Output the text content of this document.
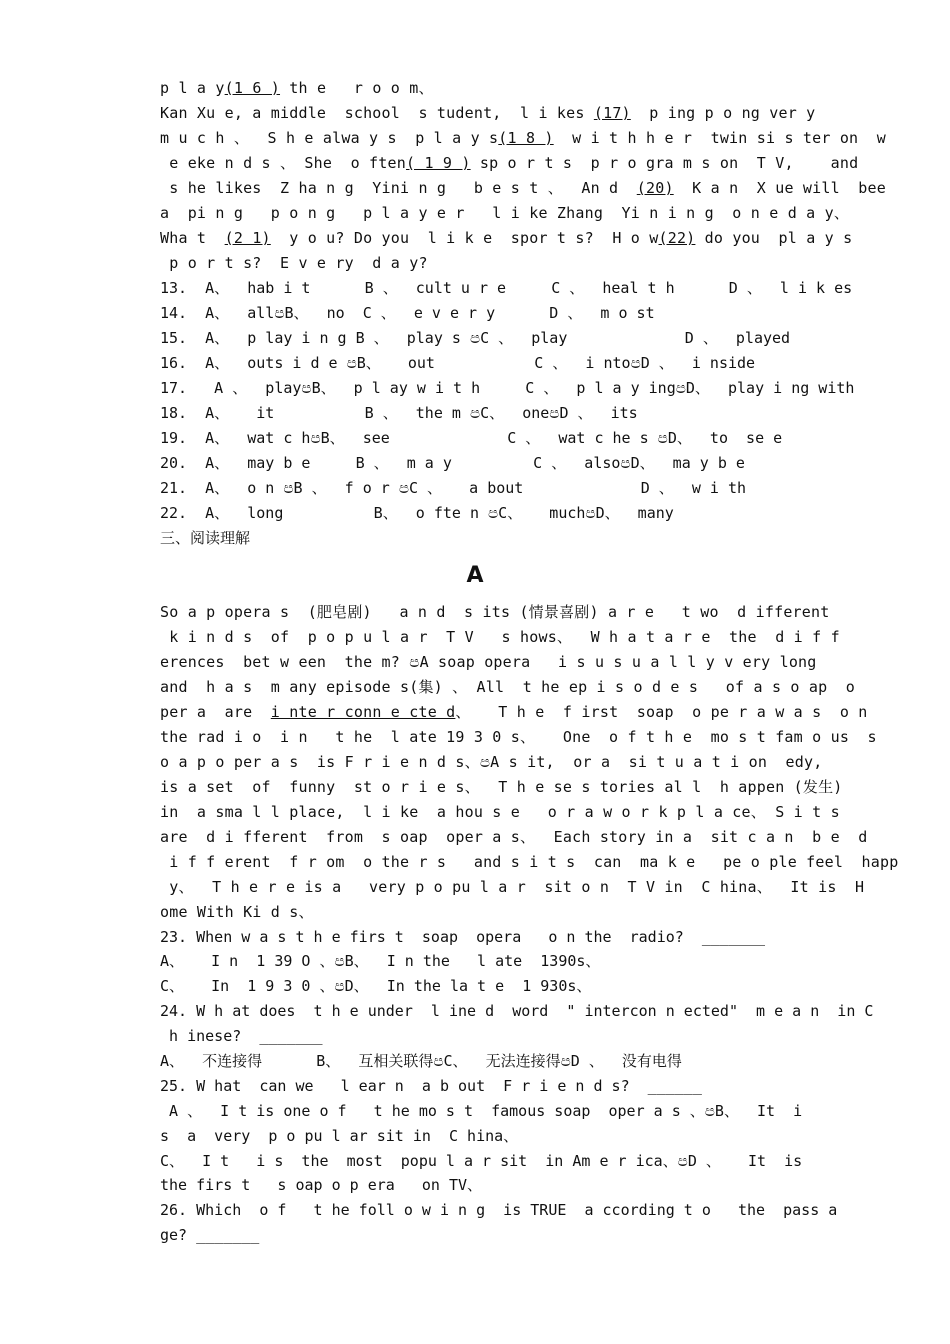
p l a y(1 6 ) th e   r o o m、
Kan Xu e, a middle  school  s tudent,  l i kes (17)  p ing p o ng ver y
m u c h 、  S h e alwa y s  p l a y s(1 8 )  w i t h h e r  twin si s ter on  w
e eke n d s 、 She  o ften( 1 9 ) sp o r t s  p r o gra m s on  T V,    and
s he likes  Z ha n g  Yini n g   b e s t 、  An d  (20)  K a n  X ue will  bee
a  pi n g   p o n g   p l a y e r   l i ke Zhang  Yi n i n g  o n e d a y、
Wha t  (2 1)  y o u? Do you  l i k e  spor t s?  H o w(22) do you  pl a y s
p o r t s?  E v e ry  d a y?
13. A、  hab i t      B 、  cult u r e     C 、  heal t h      D 、  l i k es
14. A、  allපB、  no  C 、  e v e r y      D 、  m o st
15. A、  p lay i n g B 、  play s පC 、  play             D 、  played
16. A、  outs i d e පB、   out           C 、  i ntoපD 、  i nside
17.   A 、  playපB、  p l ay w i t h     C 、  p l a y ingපD、  play i ng with
18. A、   it          B 、  the m පC、  oneපD 、  its
19. A、  wat c hපB、  see             C 、  wat c he s පD、  to  se e
20. A、  may b e     B 、  m a y         C 、  alsoපD、  ma y b e
21. A、  o n පB 、  f o r පC 、   a bout             D 、  w i th
22. A、  long          B、  o fte n පC、   muchපD、  many
三、阅读理解
A
So a p opera s  (肥皂剧)   a n d  s its (情景喜剧) a r e   t wo  d ifferent
k i n d s  of  p o p u l a r  T V   s hows、  W h a t a r e  the  d i f f
erences  bet w een  the m? පA soap opera   i s u s u a l l y v ery long
and  h a s  m any episode s(集) 、 All  t he ep i s o d e s   of a s o ap  o
per a  are  i nte r conn e cte d、   T h e  f irst  soap  o pe r a w a s  o n
the rad i o  i n   t he  l ate 19 3 0 s、   One  o f t h e  mo s t fam o us  s
o a p o per a s  is F r i e n d s、පA s it,  or a  si t u a t i on  edy,
is a set  of  funny  st o r i e s、  T h e se s tories al l  h appen (发生)
in  a sma l l place,  l i ke  a hou s e   o r a w o r k p l a ce、 S i t s
are  d i fferent  from  s oap  oper a s、  Each story in a  sit c a n  b e  d
i f f erent  f r om  o the r s   and s i t s  can  ma k e   pe o ple feel  happ
y、  T h e r e is a   very p o pu l a r  sit o n  T V in  C hina、  It is  H
ome With Ki d s、
23. When w a s t h e firs t  soap  opera   o n the  radio?  _______
A、   I n  1 39 O 、පB、  I n the   l ate  1390s、
C、   In  1 9 3 0 、පD、  In the la t e  1 930s、
24. W h at does  t h e under  l ine d  word  " intercon n ected"  m e a n  in C
h inese?  _______
A、  不连接得      B、  互相关联得පC、  无法连接得පD 、  没有电得
25. W hat  can we   l ear n  a b out  F r i e n d s?  ______
A 、  I t is one o f   t he mo s t  famous soap  oper a s 、පB、  It  i
s  a  very  p o pu l ar sit in  C hina、
C、  I t   i s  the  most  popu l a r sit  in Am e r ica、පD 、   It  is
the firs t   s oap o p era   on TV、
26. Which  o f   t he foll o w i n g  is TRUE  a ccording t o   the  pass a
ge? _______
